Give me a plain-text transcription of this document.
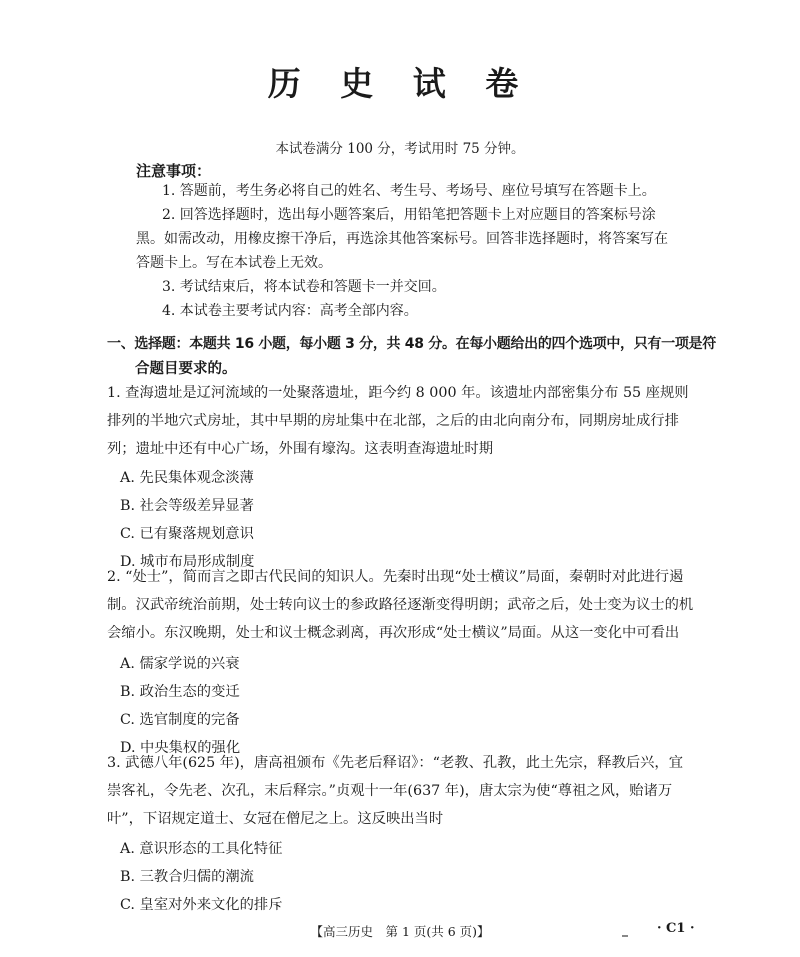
历 史 试 卷
本试卷满分 100 分，考试用时 75 分钟。
注意事项：
1. 答题前，考生务必将自己的姓名、考生号、考场号、座位号填写在答题卡上。
2. 回答选择题时，选出每小题答案后，用铅笔把答题卡上对应题目的答案标号涂
黑。如需改动，用橡皮擦干净后，再选涂其他答案标号。回答非选择题时，将答案写在
答题卡上。写在本试卷上无效。
3. 考试结束后，将本试卷和答题卡一并交回。
4. 本试卷主要考试内容：高考全部内容。
一、选择题：本题共 16 小题，每小题 3 分，共 48 分。在每小题给出的四个选项中，只有一项是符
合题目要求的。
1. 查海遗址是辽河流域的一处聚落遗址，距今约 8 000 年。该遗址内部密集分布 55 座规则排列的半地穴式房址，其中早期的房址集中在北部，之后的由北向南分布，同期房址成行排列；遗址中还有中心广场，外围有壕沟。这表明查海遗址时期
A. 先民集体观念淡薄
B. 社会等级差异显著
C. 已有聚落规划意识
D. 城市布局形成制度
2. “处士”，简而言之即古代民间的知识人。先秦时出现“处士横议”局面，秦朝时对此进行遏制。汉武帝统治前期，处士转向议士的参政路径逐渐变得明朗；武帝之后，处士变为议士的机会缩小。东汉晚期，处士和议士概念剥离，再次形成“处士横议”局面。从这一变化中可看出
A. 儒家学说的兴衰
B. 政治生态的变迁
C. 选官制度的完备
D. 中央集权的强化
3. 武德八年(625 年)，唐高祖颁布《先老后释诏》：“老教、孔教，此土先宗，释教后兴，宜崇客礼，令先老、次孔，末后释宗。”贞观十一年(637 年)，唐太宗为使“尊祖之风，贻诸万叶”，下诏规定道士、女冠在僧尼之上。这反映出当时
A. 意识形态的工具化特征
B. 三教合归儒的潮流
C. 皇室对外来文化的排斥
【高三历史　第 1 页(共 6 页)】	· C1 ·
